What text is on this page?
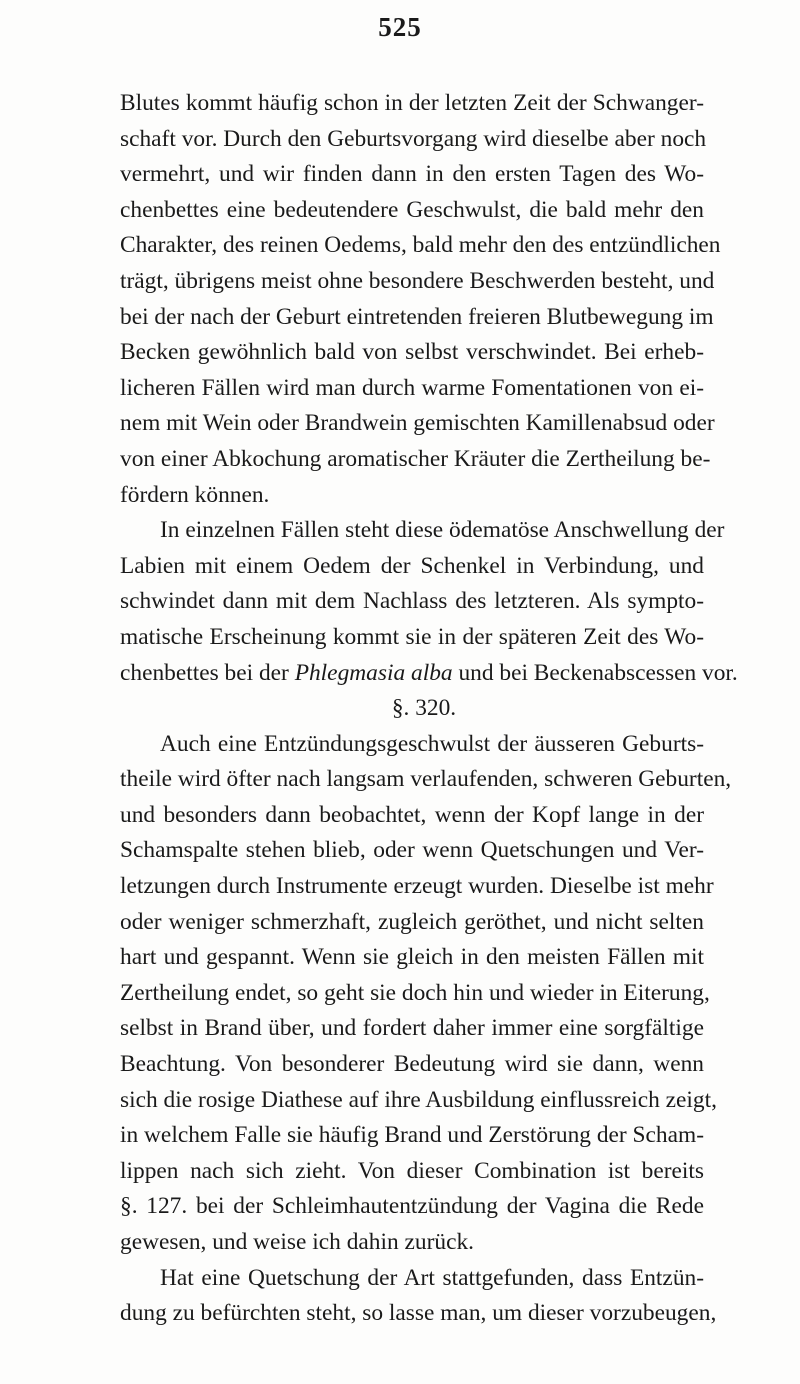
525
Blutes kommt häufig schon in der letzten Zeit der Schwanger-
schaft vor. Durch den Geburtsvorgang wird dieselbe aber noch
vermehrt, und wir finden dann in den ersten Tagen des Wo-
chenbettes eine bedeutendere Geschwulst, die bald mehr den
Charakter, des reinen Oedems, bald mehr den des entzündlichen
trägt, übrigens meist ohne besondere Beschwerden besteht, und
bei der nach der Geburt eintretenden freieren Blutbewegung im
Becken gewöhnlich bald von selbst verschwindet. Bei erheb-
licheren Fällen wird man durch warme Fomentationen von ei-
nem mit Wein oder Brandwein gemischten Kamillenabsud oder
von einer Abkochung aromatischer Kräuter die Zertheilung be-
fördern können.
In einzelnen Fällen steht diese ödematöse Anschwellung der
Labien mit einem Oedem der Schenkel in Verbindung, und
schwindet dann mit dem Nachlass des letzteren. Als sympto-
matische Erscheinung kommt sie in der späteren Zeit des Wo-
chenbettes bei der Phlegmasia alba und bei Beckenabscessen vor.
§. 320.
Auch eine Entzündungsgeschwulst der äusseren Geburts-
theile wird öfter nach langsam verlaufenden, schweren Geburten,
und besonders dann beobachtet, wenn der Kopf lange in der
Schamspalte stehen blieb, oder wenn Quetschungen und Ver-
letzungen durch Instrumente erzeugt wurden. Dieselbe ist mehr
oder weniger schmerzhaft, zugleich geröthet, und nicht selten
hart und gespannt. Wenn sie gleich in den meisten Fällen mit
Zertheilung endet, so geht sie doch hin und wieder in Eiterung,
selbst in Brand über, und fordert daher immer eine sorgfältige
Beachtung. Von besonderer Bedeutung wird sie dann, wenn
sich die rosige Diathese auf ihre Ausbildung einflussreich zeigt,
in welchem Falle sie häufig Brand und Zerstörung der Scham-
lippen nach sich zieht. Von dieser Combination ist bereits
§. 127. bei der Schleimhautentzündung der Vagina die Rede
gewesen, und weise ich dahin zurück.
Hat eine Quetschung der Art stattgefunden, dass Entzün-
dung zu befürchten steht, so lasse man, um dieser vorzubeugen,
